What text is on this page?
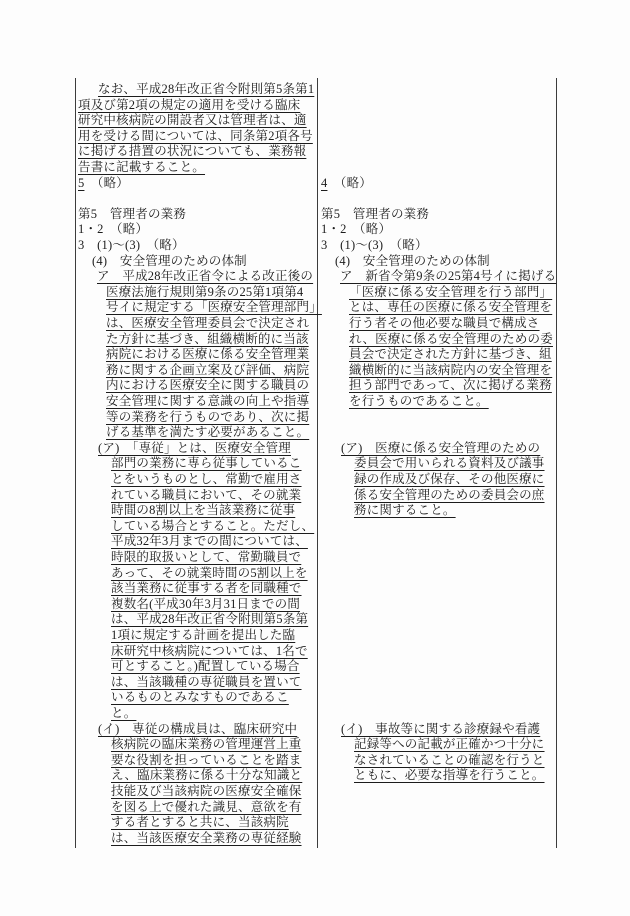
なお、平成28年改正省令附則第5条第1
項及び第2項の規定の適用を受ける臨床
研究中核病院の開設者又は管理者は、適
用を受ける間については、同条第2項各号
に掲げる措置の状況についても、業務報
告書に記載すること。
5　（略）
第5　管理者の業務
1・2　（略）
3　(1)～(3)　（略）
(4)　安全管理のための体制
ア　平成28年改正省令による改正後の
医療法施行規則第9条の25第1項第4
号イに規定する「医療安全管理部門」
は、医療安全管理委員会で決定され
た方針に基づき、組織横断的に当該
病院における医療に係る安全管理業
務に関する企画立案及び評価、病院
内における医療安全に関する職員の
安全管理に関する意識の向上や指導
等の業務を行うものであり、次に掲
げる基準を満たす必要があること。
(ア)　「専従」とは、医療安全管理
部門の業務に専ら従事しているこ
とをいうものとし、常勤で雇用さ
れている職員において、その就業
時間の8割以上を当該業務に従事
している場合とすること。ただし、
平成32年3月までの間については、
時限的取扱いとして、常勤職員で
あって、その就業時間の5割以上を
該当業務に従事する者を同職種で
複数名(平成30年3月31日までの間
は、平成28年改正省令附則第5条第
1項に規定する計画を提出した臨
床研究中核病院については、1名で
可とすること。)配置している場合
は、当該職種の専従職員を置いて
いるものとみなすものであるこ
と。
(イ)　専従の構成員は、臨床研究中
核病院の臨床業務の管理運営上重
要な役割を担っていることを踏ま
え、臨床業務に係る十分な知識と
技能及び当該病院の医療安全確保
を図る上で優れた識見、意欲を有
する者とすると共に、当該病院
は、当該医療安全業務の専従経験
4　（略）
第5　管理者の業務
1・2　（略）
3　(1)～(3)　（略）
(4)　安全管理のための体制
ア　新省令第9条の25第4号イに掲げる
「医療に係る安全管理を行う部門」
とは、専任の医療に係る安全管理を
行う者その他必要な職員で構成さ
れ、医療に係る安全管理のための委
員会で決定された方針に基づき、組
織横断的に当該病院内の安全管理を
担う部門であって、次に掲げる業務
を行うものであること。
(ア)　医療に係る安全管理のための
委員会で用いられる資料及び議事
録の作成及び保存、その他医療に
係る安全管理のための委員会の庶
務に関すること。
(イ)　事故等に関する診療録や看護
記録等への記載が正確かつ十分に
なされていることの確認を行うと
ともに、必要な指導を行うこと。
